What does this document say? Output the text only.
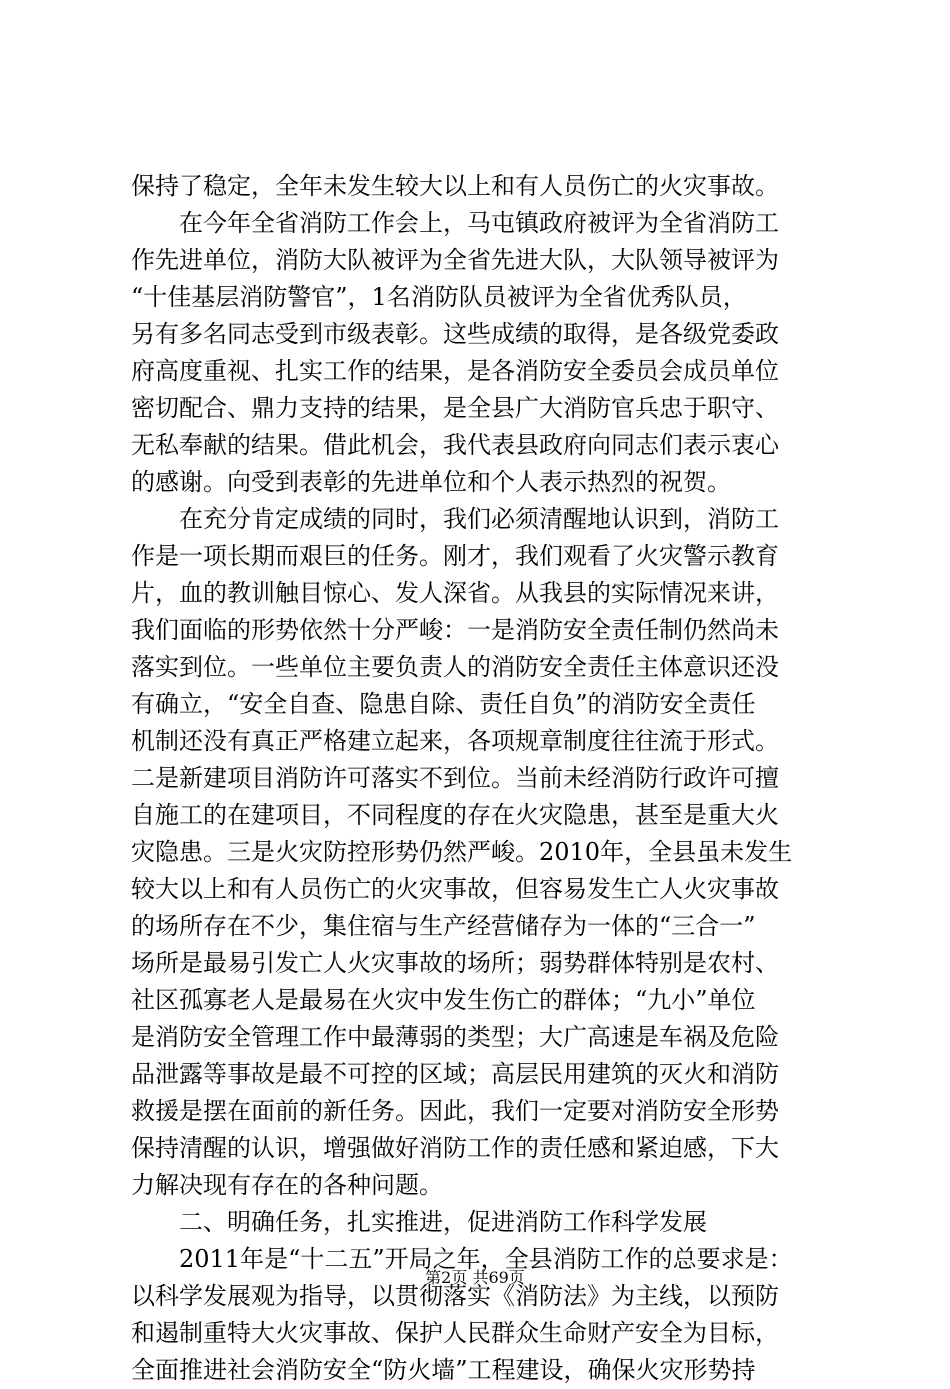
保持了稳定，全年未发生较大以上和有人员伤亡的火灾事故。
在今年全省消防工作会上，马屯镇政府被评为全省消防工
作先进单位，消防大队被评为全省先进大队，大队领导被评为
“十佳基层消防警官”，1名消防队员被评为全省优秀队员，
另有多名同志受到市级表彰。这些成绩的取得，是各级党委政
府高度重视、扎实工作的结果，是各消防安全委员会成员单位
密切配合、鼎力支持的结果，是全县广大消防官兵忠于职守、
无私奉献的结果。借此机会，我代表县政府向同志们表示衷心
的感谢。向受到表彰的先进单位和个人表示热烈的祝贺。
在充分肯定成绩的同时，我们必须清醒地认识到，消防工
作是一项长期而艰巨的任务。刚才，我们观看了火灾警示教育
片，血的教训触目惊心、发人深省。从我县的实际情况来讲，
我们面临的形势依然十分严峻：一是消防安全责任制仍然尚未
落实到位。一些单位主要负责人的消防安全责任主体意识还没
有确立，“安全自查、隐患自除、责任自负”的消防安全责任
机制还没有真正严格建立起来，各项规章制度往往流于形式。
二是新建项目消防许可落实不到位。当前未经消防行政许可擅
自施工的在建项目，不同程度的存在火灾隐患，甚至是重大火
灾隐患。三是火灾防控形势仍然严峻。2010年，全县虽未发生
较大以上和有人员伤亡的火灾事故，但容易发生亡人火灾事故
的场所存在不少，集住宿与生产经营储存为一体的“三合一”
场所是最易引发亡人火灾事故的场所；弱势群体特别是农村、
社区孤寡老人是最易在火灾中发生伤亡的群体；“九小”单位
是消防安全管理工作中最薄弱的类型；大广高速是车祸及危险
品泄露等事故是最不可控的区域；高层民用建筑的灭火和消防
救援是摆在面前的新任务。因此，我们一定要对消防安全形势
保持清醒的认识，增强做好消防工作的责任感和紧迫感，下大
力解决现有存在的各种问题。
二、明确任务，扎实推进，促进消防工作科学发展
2011年是“十二五”开局之年，全县消防工作的总要求是：
以科学发展观为指导，以贯彻落实《消防法》为主线，以预防
和遏制重特大火灾事故、保护人民群众生命财产安全为目标，
全面推进社会消防安全“防火墙”工程建设，确保火灾形势持
第2页 共69页
